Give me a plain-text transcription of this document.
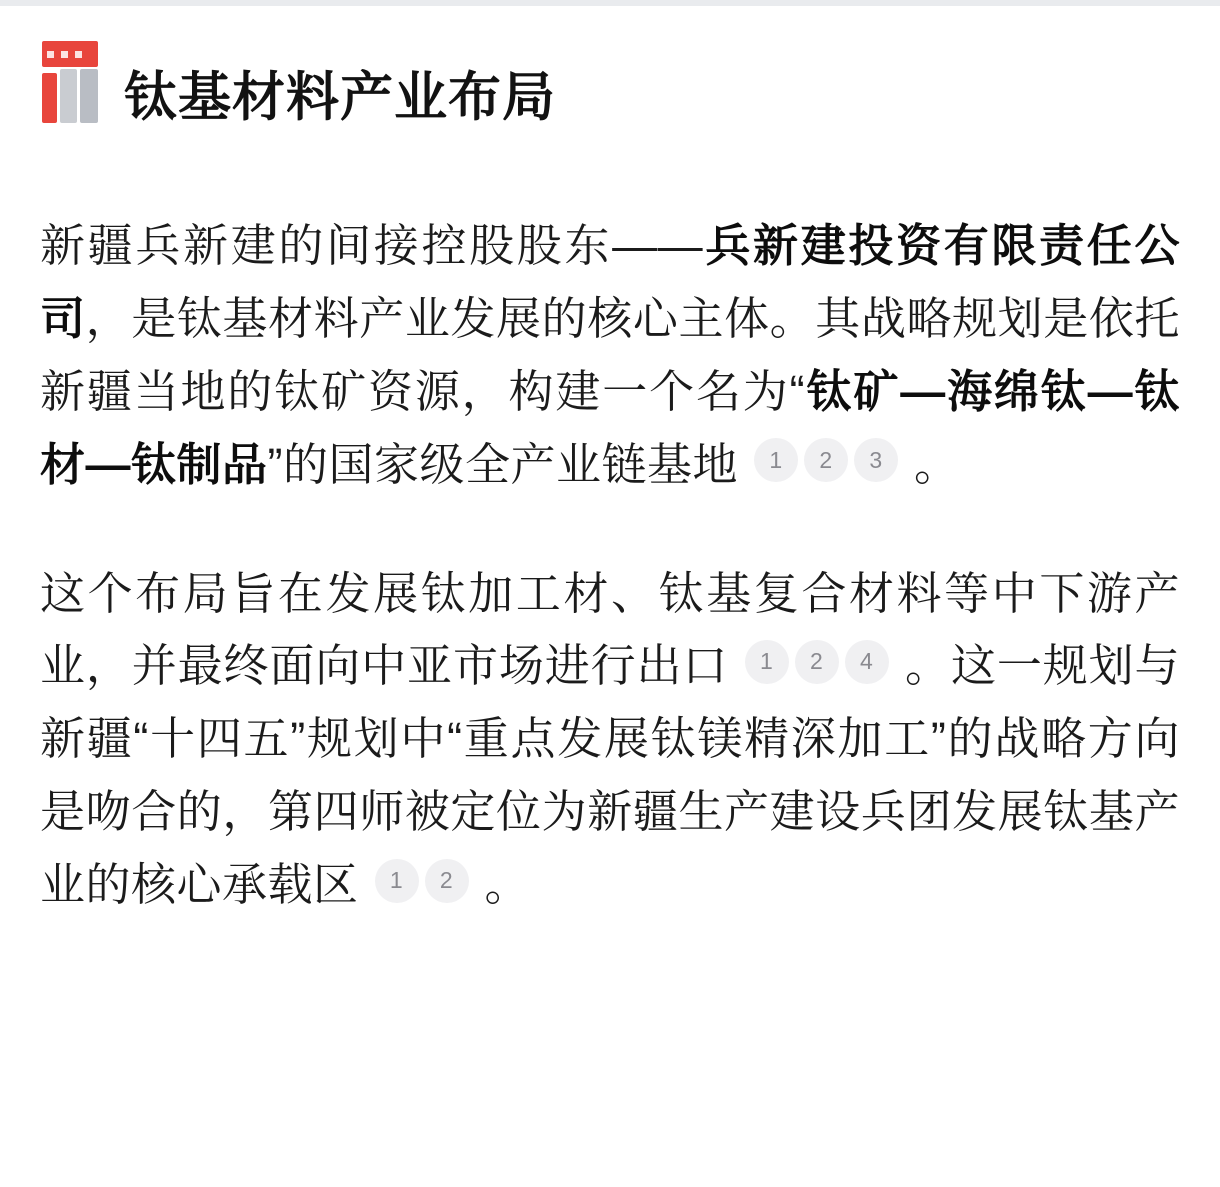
钛基材料产业布局

新疆兵新建的间接控股股东——兵新建投资有限责任公司，是钛基材料产业发展的核心主体。其战略规划是依托新疆当地的钛矿资源，构建一个名为“钛矿—海绵钛—钛材—钛制品”的国家级全产业链基地 1 2 3 。

这个布局旨在发展钛加工材、钛基复合材料等中下游产业，并最终面向中亚市场进行出口 1 2 4 。这一规划与新疆“十四五”规划中“重点发展钛镁精深加工”的战略方向是吻合的，第四师被定位为新疆生产建设兵团发展钛基产业的核心承载区 1 2 。
